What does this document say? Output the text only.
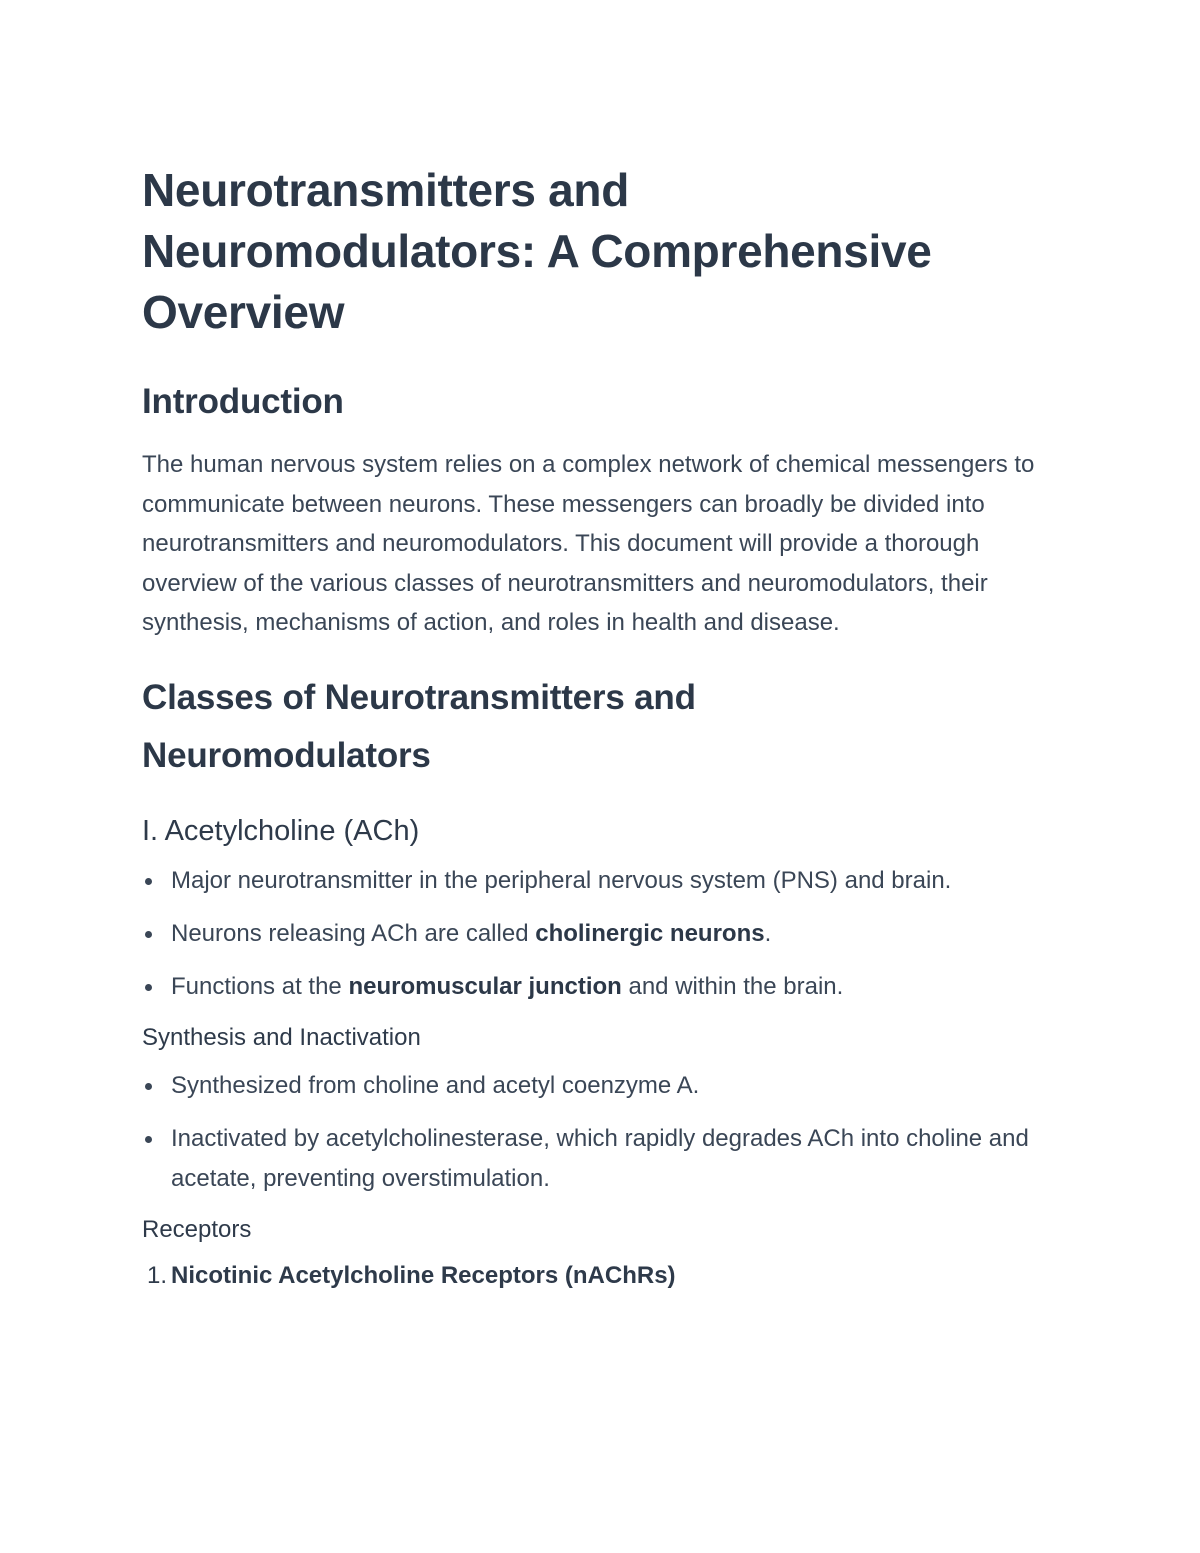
Neurotransmitters and
Neuromodulators: A Comprehensive
Overview
Introduction

The human nervous system relies on a complex network of chemical messengers to communicate between neurons. These messengers can broadly be divided into neurotransmitters and neuromodulators. This document will provide a thorough overview of the various classes of neurotransmitters and neuromodulators, their synthesis, mechanisms of action, and roles in health and disease.

Classes of Neurotransmitters and
Neuromodulators
I. Acetylcholine (ACh)
Major neurotransmitter in the peripheral nervous system (PNS) and brain.
Neurons releasing ACh are called cholinergic neurons.
Functions at the neuromuscular junction and within the brain.
Synthesis and Inactivation
Synthesized from choline and acetyl coenzyme A.
Inactivated by acetylcholinesterase, which rapidly degrades ACh into choline and acetate, preventing overstimulation.
Receptors
1. Nicotinic Acetylcholine Receptors (nAChRs)
